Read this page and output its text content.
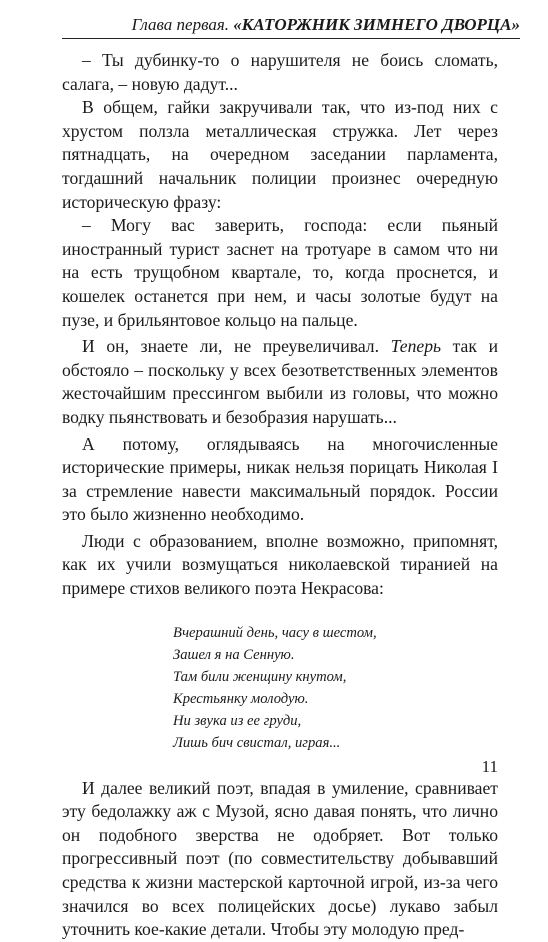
Глава первая. «КАТОРЖНИК ЗИМНЕГО ДВОРЦА»

– Ты дубинку-то о нарушителя не боись сломать, салага, – новую дадут...

В общем, гайки закручивали так, что из-под них с хрустом ползла металлическая стружка. Лет через пятнадцать, на очередном заседании парламента, тогдашний начальник полиции произнес очередную историческую фразу:

– Могу вас заверить, господа: если пьяный иностранный турист заснет на тротуаре в самом что ни на есть трущобном квартале, то, когда проснется, и кошелек останется при нем, и часы золотые будут на пузе, и брильянтовое кольцо на пальце.

И он, знаете ли, не преувеличивал. Теперь так и обстояло – поскольку у всех безответственных элементов жесточайшим прессингом выбили из головы, что можно водку пьянствовать и безобразия нарушать...

А потому, оглядываясь на многочисленные исторические примеры, никак нельзя порицать Николая I за стремление навести максимальный порядок. России это было жизненно необходимо.

Люди с образованием, вполне возможно, припомнят, как их учили возмущаться николаевской тиранией на примере стихов великого поэта Некрасова:

Вчерашний день, часу в шестом,
Зашел я на Сенную.
Там били женщину кнутом,
Крестьянку молодую.
Ни звука из ее груди,
Лишь бич свистал, играя...

И далее великий поэт, впадая в умиление, сравнивает эту бедолажку аж с Музой, ясно давая понять, что лично он подобного зверства не одобряет. Вот только прогрессивный поэт (по совместительству добывавший средства к жизни мастерской карточной игрой, из-за чего значился во всех полицейских досье) лукаво забыл уточнить кое-какие детали. Чтобы эту молодую пред-

11
